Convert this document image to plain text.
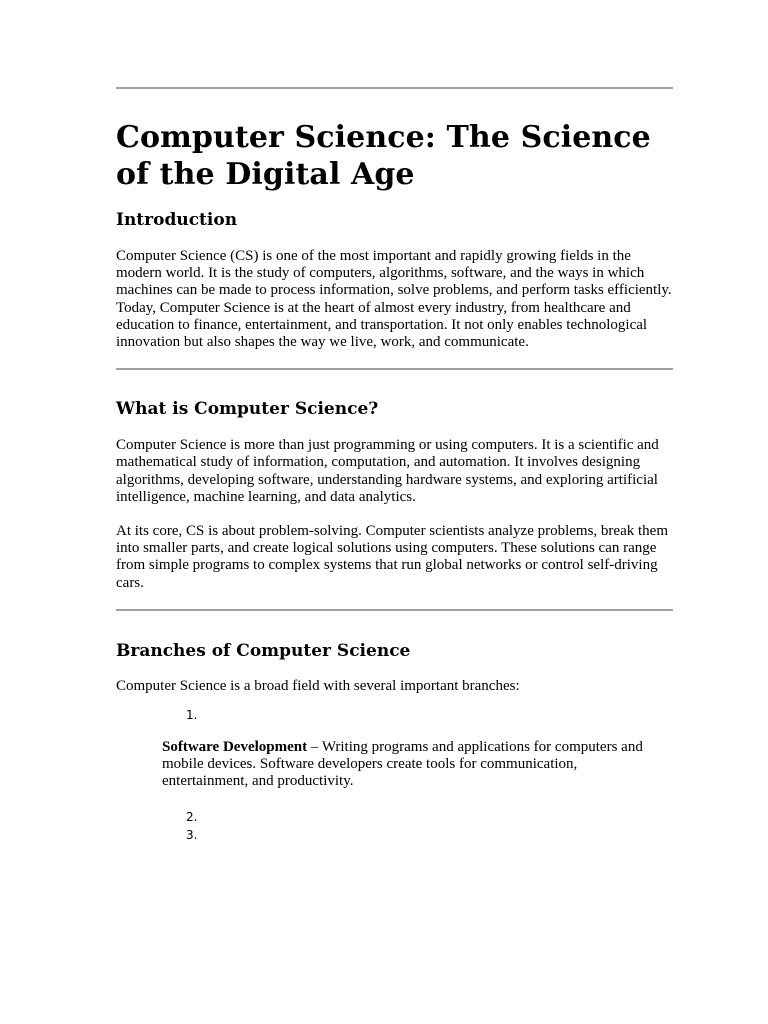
Computer Science: The Science of the Digital Age
Introduction

Computer Science (CS) is one of the most important and rapidly growing fields in the modern world. It is the study of computers, algorithms, software, and the ways in which machines can be made to process information, solve problems, and perform tasks efficiently. Today, Computer Science is at the heart of almost every industry, from healthcare and education to finance, entertainment, and transportation. It not only enables technological innovation but also shapes the way we live, work, and communicate.

What is Computer Science?

Computer Science is more than just programming or using computers. It is a scientific and mathematical study of information, computation, and automation. It involves designing algorithms, developing software, understanding hardware systems, and exploring artificial intelligence, machine learning, and data analytics.

At its core, CS is about problem-solving. Computer scientists analyze problems, break them into smaller parts, and create logical solutions using computers. These solutions can range from simple programs to complex systems that run global networks or control self-driving cars.

Branches of Computer Science

Computer Science is a broad field with several important branches:

1.

Software Development – Writing programs and applications for computers and mobile devices. Software developers create tools for communication, entertainment, and productivity.

2.
3.
